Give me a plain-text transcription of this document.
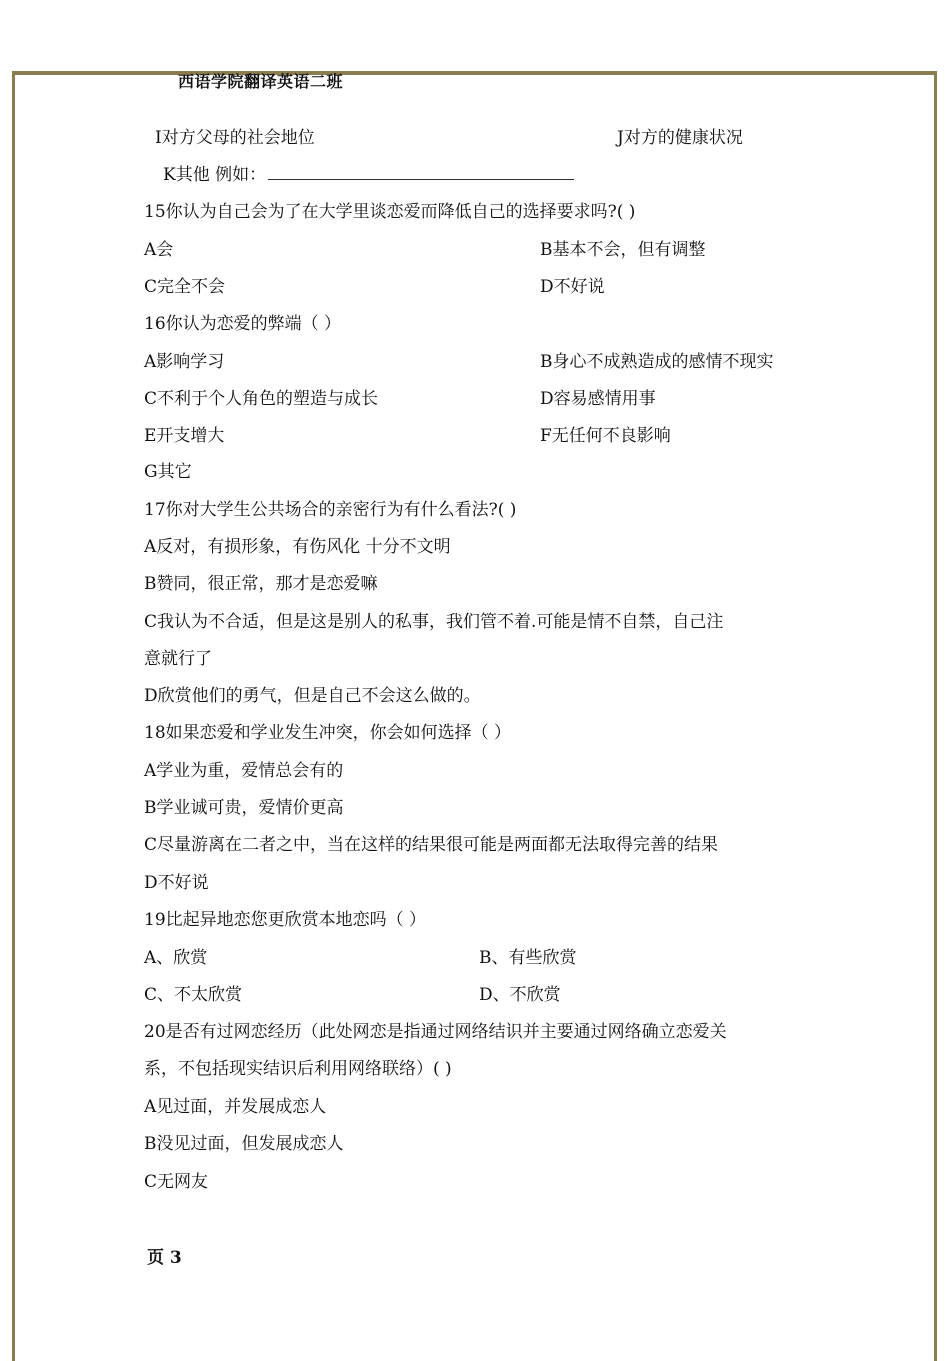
西语学院翻译英语二班
I对方父母的社会地位	J对方的健康状况
K其他 例如：
15你认为自己会为了在大学里谈恋爱而降低自己的选择要求吗?( )
A会	B基本不会，但有调整
C完全不会	D不好说
16你认为恋爱的弊端（ ）
A影响学习	B身心不成熟造成的感情不现实
C不利于个人角色的塑造与成长	D容易感情用事
E开支增大	F无任何不良影响
G其它
17你对大学生公共场合的亲密行为有什么看法?( )
A反对，有损形象，有伤风化 十分不文明
B赞同，很正常，那才是恋爱嘛
C我认为不合适，但是这是别人的私事，我们管不着.可能是情不自禁，自己注
意就行了
D欣赏他们的勇气，但是自己不会这么做的。
18如果恋爱和学业发生冲突，你会如何选择（ ）
A学业为重，爱情总会有的
B学业诚可贵，爱情价更高
C尽量游离在二者之中，当在这样的结果很可能是两面都无法取得完善的结果
D不好说
19比起异地恋您更欣赏本地恋吗（ ）
A、欣赏	B、有些欣赏
C、不太欣赏	D、不欣赏
20是否有过网恋经历（此处网恋是指通过网络结识并主要通过网络确立恋爱关
系，不包括现实结识后利用网络联络）( )
A见过面，并发展成恋人
B没见过面，但发展成恋人
C无网友
页 3
